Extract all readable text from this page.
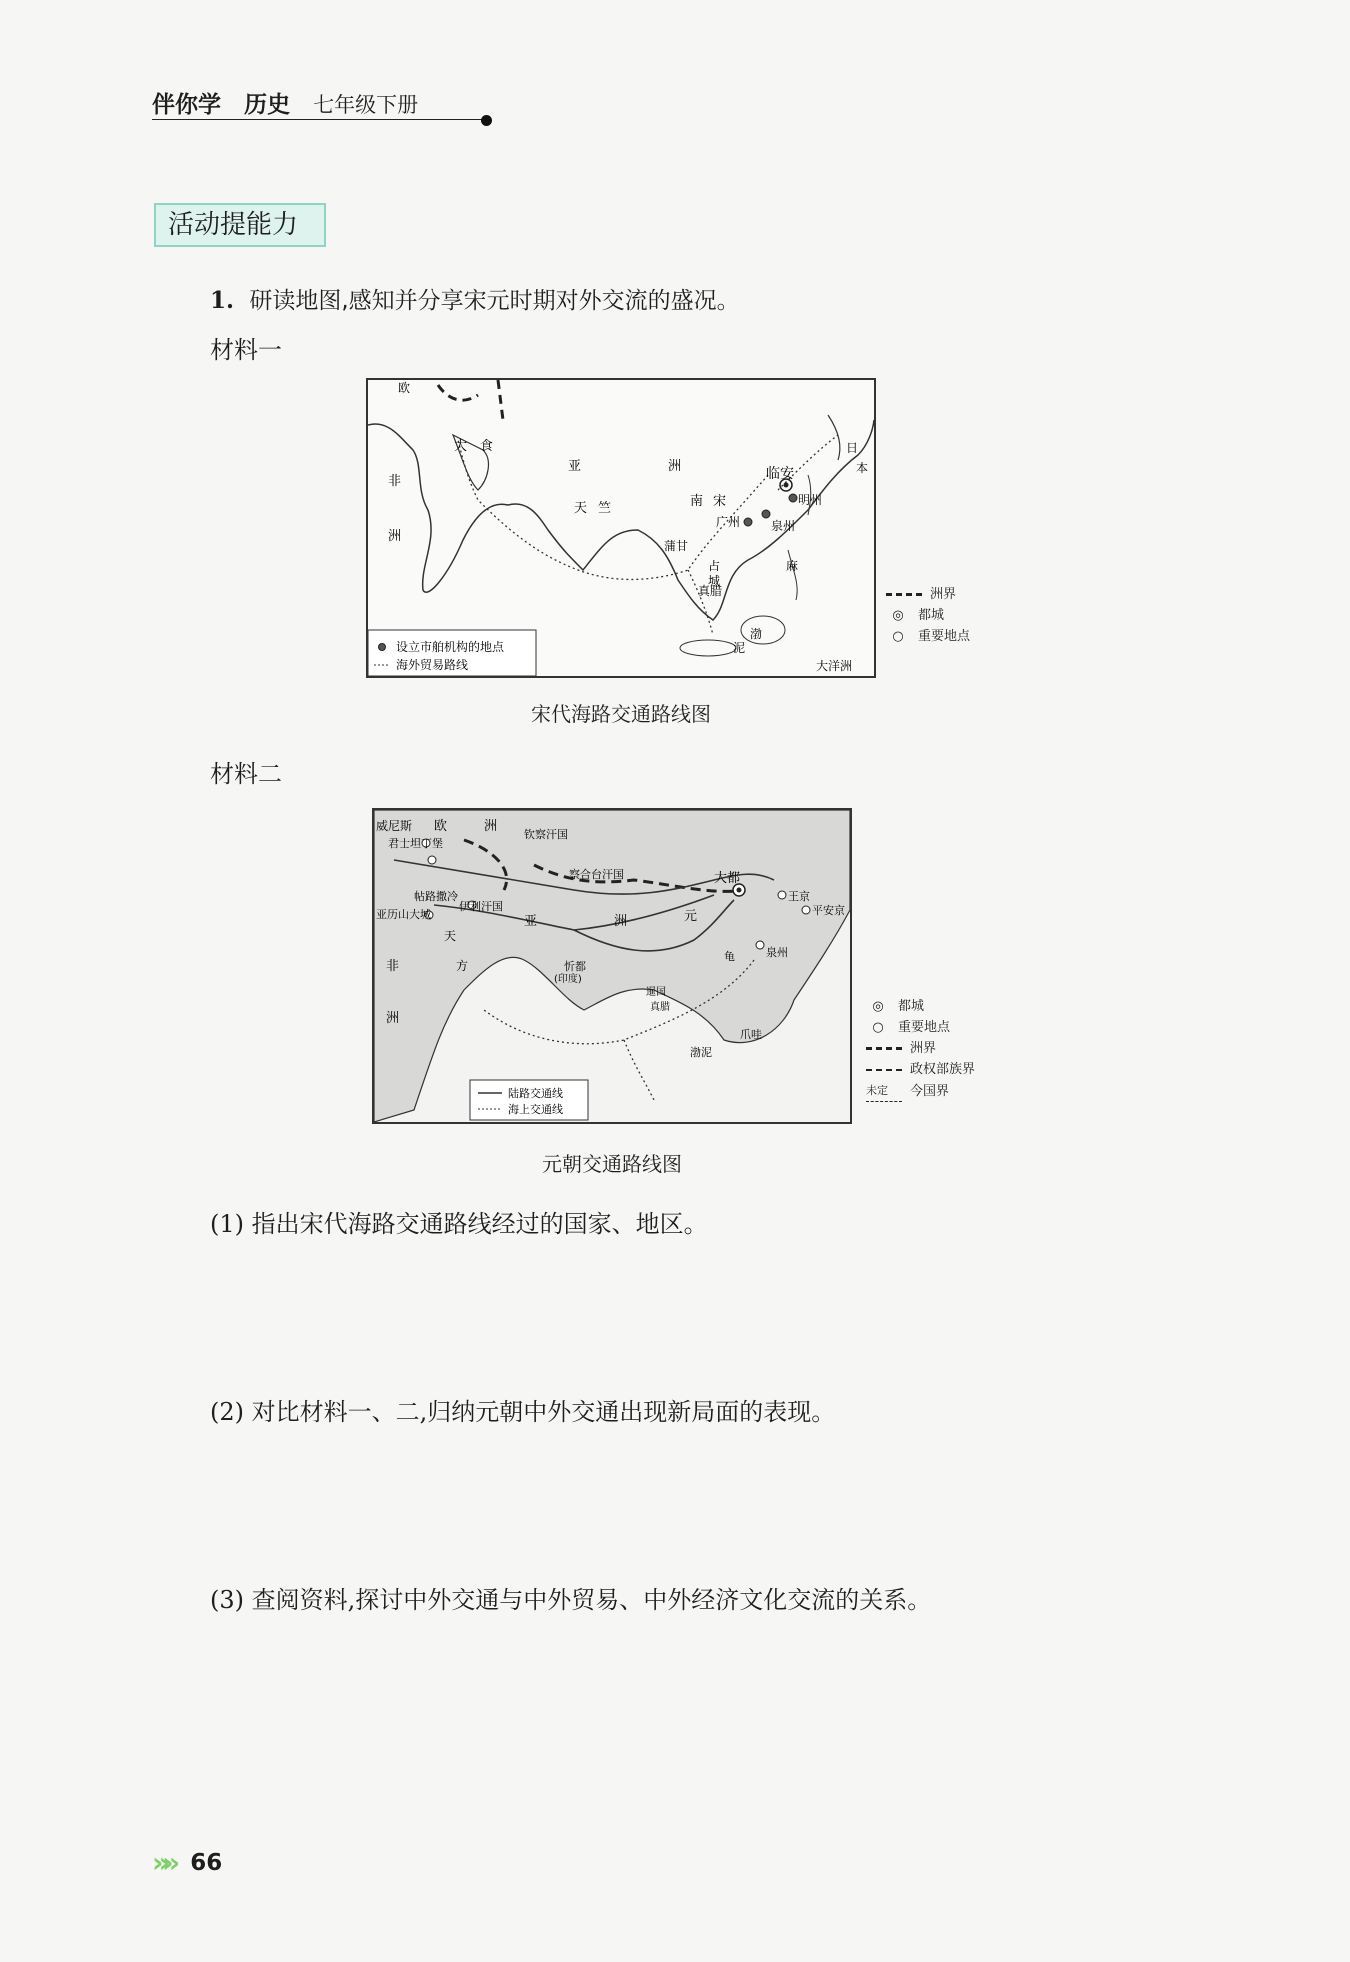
伴你学 历史 七年级下册
活动提能力
1. 研读地图,感知并分享宋元时期对外交流的盛况。
材料一
大 食
亚	洲
非
洲
天 竺	南 宋
临安
明州
广州	泉州
蒲甘
真腊
占
城
渤
泥
日
本
大洋洲
欧
麻
设立市舶机构的地点
海外贸易路线
洲界
◎	都城
○	重要地点
宋代海路交通路线图
材料二
威尼斯 欧	洲
钦察汗国
君士坦丁堡
察合台汗国	大都
帖路撒冷
伊利汗国
王京
平安京
亚历山大城	亚	洲	元
天
方
非
洲
忻都
(印度)
暹国
真腊
爪哇
渤泥
泉州
龟
陆路交通线
海上交通线
◎	都城
○	重要地点
洲界
政权部族界
未定	今国界
元朝交通路线图
(1) 指出宋代海路交通路线经过的国家、地区。
(2) 对比材料一、二,归纳元朝中外交通出现新局面的表现。
(3) 查阅资料,探讨中外交通与中外贸易、中外经济文化交流的关系。
»» 66
